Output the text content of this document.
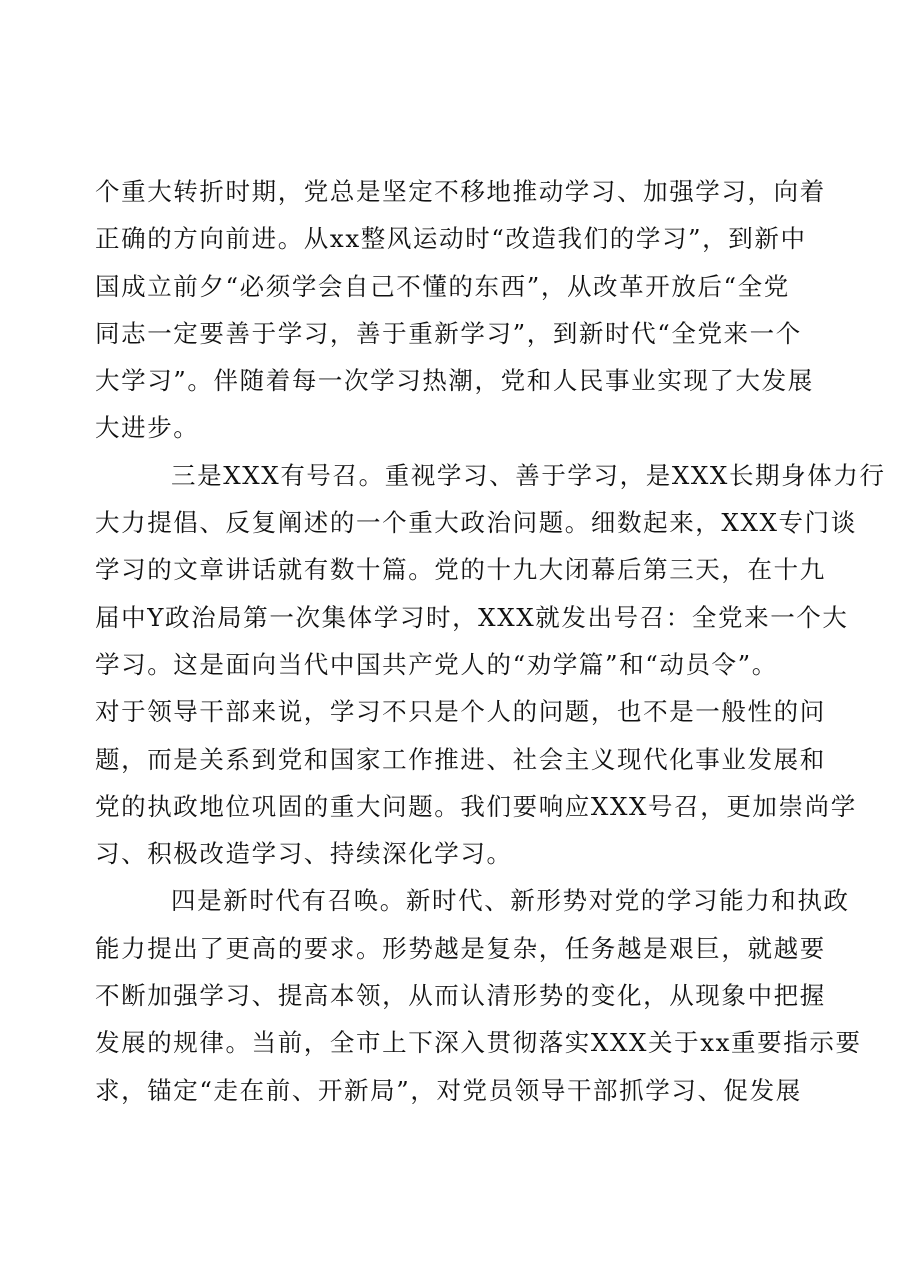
个重大转折时期，党总是坚定不移地推动学习、加强学习，向着
正确的方向前进。从xx整风运动时“改造我们的学习”，到新中
国成立前夕“必须学会自己不懂的东西”，从改革开放后“全党
同志一定要善于学习，善于重新学习”，到新时代“全党来一个
大学习”。伴随着每一次学习热潮，党和人民事业实现了大发展
大进步。
三是XXX有号召。重视学习、善于学习，是XXX长期身体力行
大力提倡、反复阐述的一个重大政治问题。细数起来，XXX专门谈
学习的文章讲话就有数十篇。党的十九大闭幕后第三天，在十九
届中Y政治局第一次集体学习时，XXX就发出号召：全党来一个大
学习。这是面向当代中国共产党人的“劝学篇”和“动员令”。
对于领导干部来说，学习不只是个人的问题，也不是一般性的问
题，而是关系到党和国家工作推进、社会主义现代化事业发展和
党的执政地位巩固的重大问题。我们要响应XXX号召，更加崇尚学
习、积极改造学习、持续深化学习。
四是新时代有召唤。新时代、新形势对党的学习能力和执政
能力提出了更高的要求。形势越是复杂，任务越是艰巨，就越要
不断加强学习、提高本领，从而认清形势的变化，从现象中把握
发展的规律。当前，全市上下深入贯彻落实XXX关于xx重要指示要
求，锚定“走在前、开新局”，对党员领导干部抓学习、促发展
